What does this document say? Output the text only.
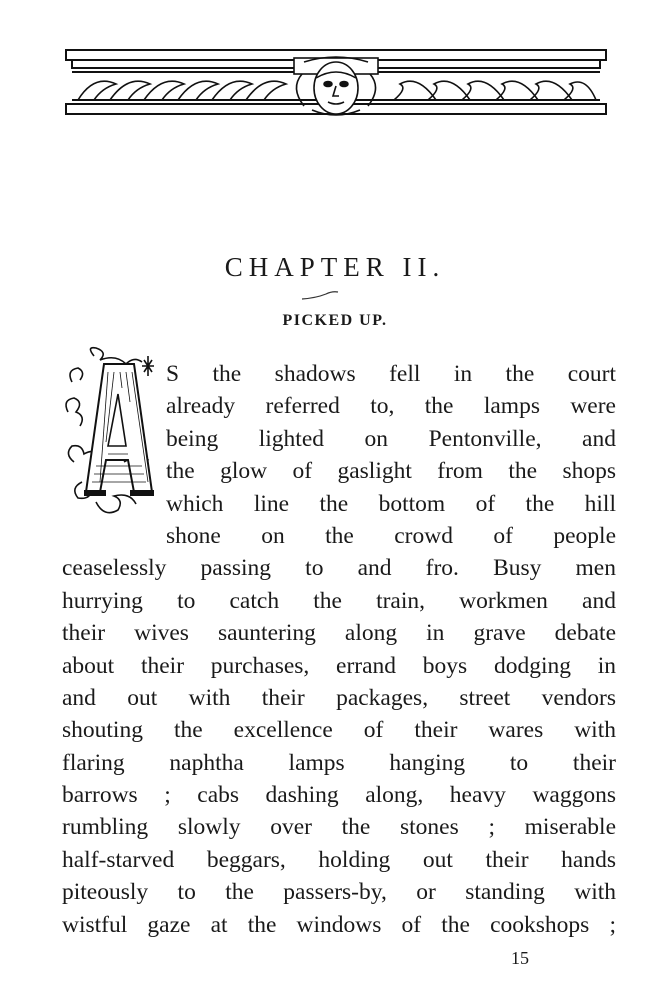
CHAPTER II.
PICKED UP.
S the shadows fell in the court
already referred to, the lamps were
being lighted on Pentonville, and
the glow of gaslight from the shops
which line the bottom of the hill
shone on the crowd of people
ceaselessly passing to and fro. Busy men
hurrying to catch the train, workmen and
their wives sauntering along in grave debate
about their purchases, errand boys dodging in
and out with their packages, street vendors
shouting the excellence of their wares with
flaring naphtha lamps hanging to their
barrows ; cabs dashing along, heavy waggons
rumbling slowly over the stones ; miserable
half-starved beggars, holding out their hands
piteously to the passers-by, or standing with
wistful gaze at the windows of the cookshops ;
15
